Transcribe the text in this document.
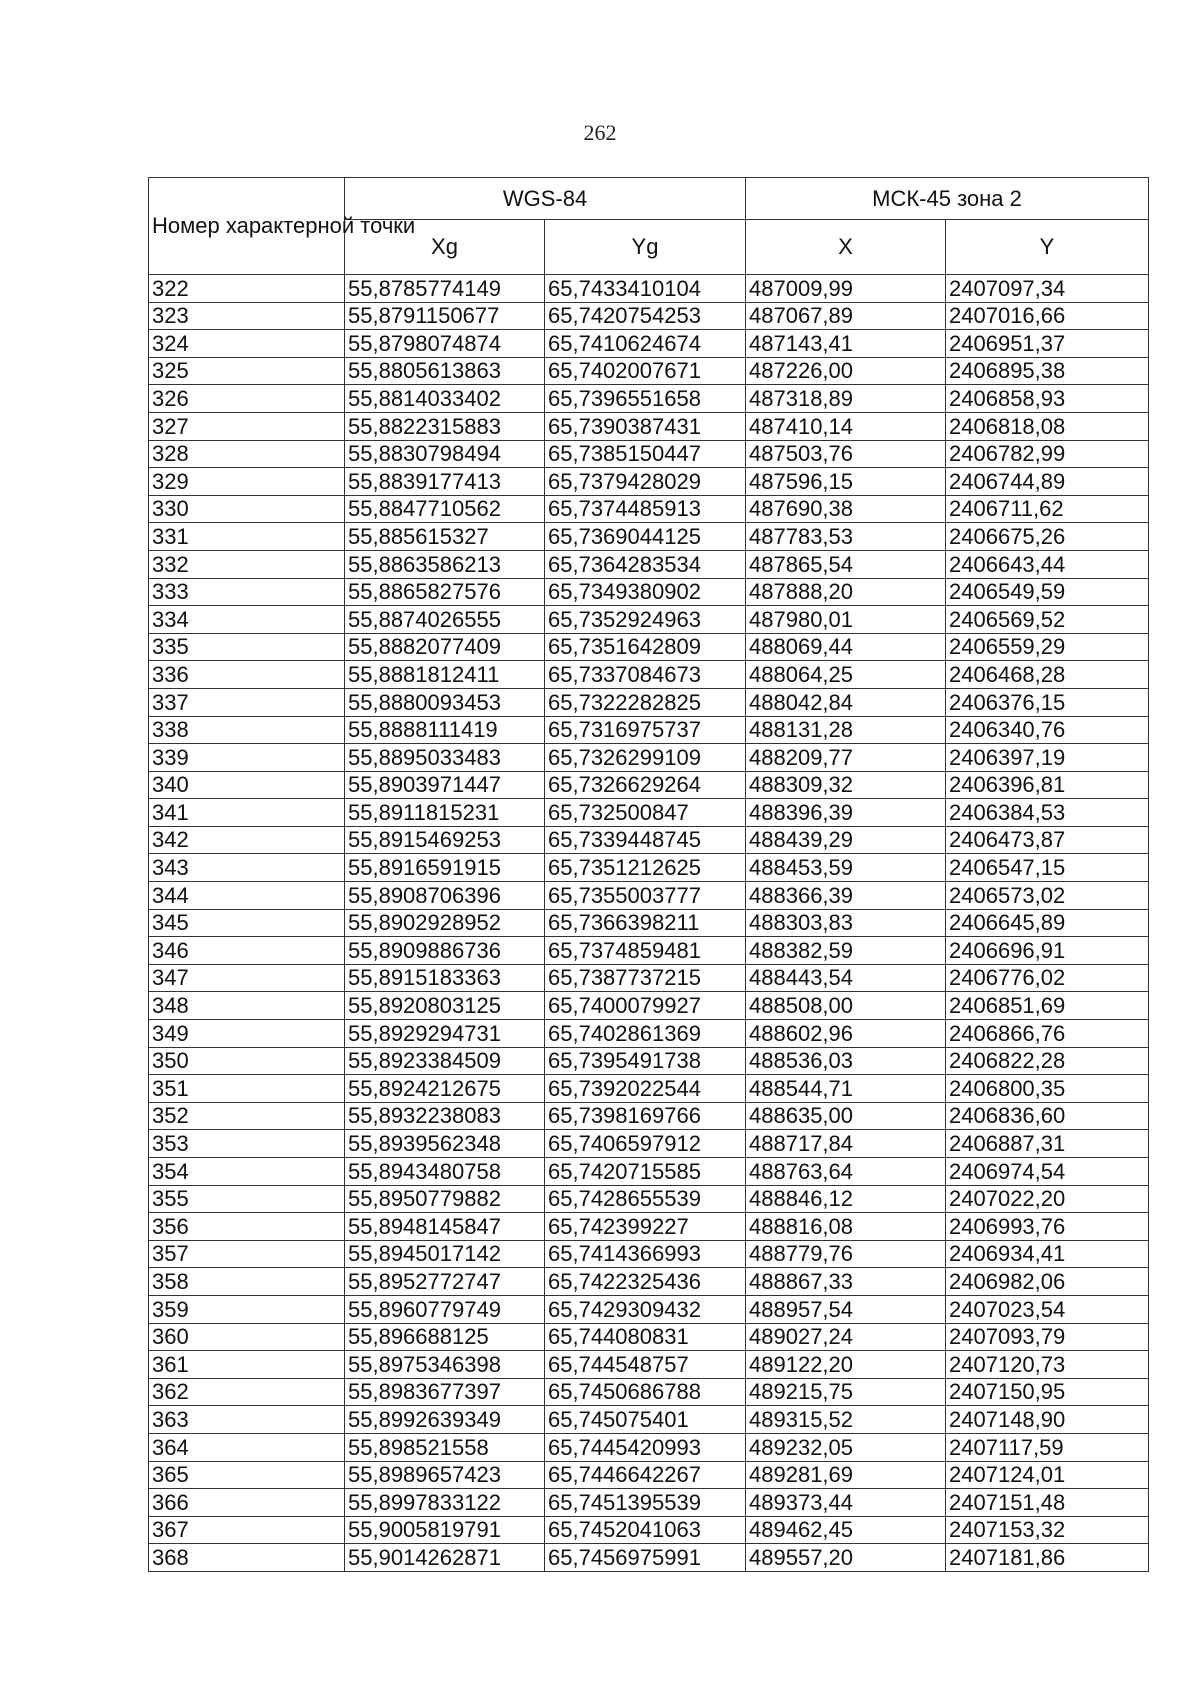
262
Номер характерной точки	WGS-84		МСК-45 зона 2	
	Xg	Yg	X	Y
322	55,8785774149	65,7433410104	487009,99	2407097,34
323	55,8791150677	65,7420754253	487067,89	2407016,66
324	55,8798074874	65,7410624674	487143,41	2406951,37
325	55,8805613863	65,7402007671	487226,00	2406895,38
326	55,8814033402	65,7396551658	487318,89	2406858,93
327	55,8822315883	65,7390387431	487410,14	2406818,08
328	55,8830798494	65,7385150447	487503,76	2406782,99
329	55,8839177413	65,7379428029	487596,15	2406744,89
330	55,8847710562	65,7374485913	487690,38	2406711,62
331	55,885615327	65,7369044125	487783,53	2406675,26
332	55,8863586213	65,7364283534	487865,54	2406643,44
333	55,8865827576	65,7349380902	487888,20	2406549,59
334	55,8874026555	65,7352924963	487980,01	2406569,52
335	55,8882077409	65,7351642809	488069,44	2406559,29
336	55,8881812411	65,7337084673	488064,25	2406468,28
337	55,8880093453	65,7322282825	488042,84	2406376,15
338	55,8888111419	65,7316975737	488131,28	2406340,76
339	55,8895033483	65,7326299109	488209,77	2406397,19
340	55,8903971447	65,7326629264	488309,32	2406396,81
341	55,8911815231	65,732500847	488396,39	2406384,53
342	55,8915469253	65,7339448745	488439,29	2406473,87
343	55,8916591915	65,7351212625	488453,59	2406547,15
344	55,8908706396	65,7355003777	488366,39	2406573,02
345	55,8902928952	65,7366398211	488303,83	2406645,89
346	55,8909886736	65,7374859481	488382,59	2406696,91
347	55,8915183363	65,7387737215	488443,54	2406776,02
348	55,8920803125	65,7400079927	488508,00	2406851,69
349	55,8929294731	65,7402861369	488602,96	2406866,76
350	55,8923384509	65,7395491738	488536,03	2406822,28
351	55,8924212675	65,7392022544	488544,71	2406800,35
352	55,8932238083	65,7398169766	488635,00	2406836,60
353	55,8939562348	65,7406597912	488717,84	2406887,31
354	55,8943480758	65,7420715585	488763,64	2406974,54
355	55,8950779882	65,7428655539	488846,12	2407022,20
356	55,8948145847	65,742399227	488816,08	2406993,76
357	55,8945017142	65,7414366993	488779,76	2406934,41
358	55,8952772747	65,7422325436	488867,33	2406982,06
359	55,8960779749	65,7429309432	488957,54	2407023,54
360	55,896688125	65,744080831	489027,24	2407093,79
361	55,8975346398	65,744548757	489122,20	2407120,73
362	55,8983677397	65,7450686788	489215,75	2407150,95
363	55,8992639349	65,745075401	489315,52	2407148,90
364	55,898521558	65,7445420993	489232,05	2407117,59
365	55,8989657423	65,7446642267	489281,69	2407124,01
366	55,8997833122	65,7451395539	489373,44	2407151,48
367	55,9005819791	65,7452041063	489462,45	2407153,32
368	55,9014262871	65,7456975991	489557,20	2407181,86
